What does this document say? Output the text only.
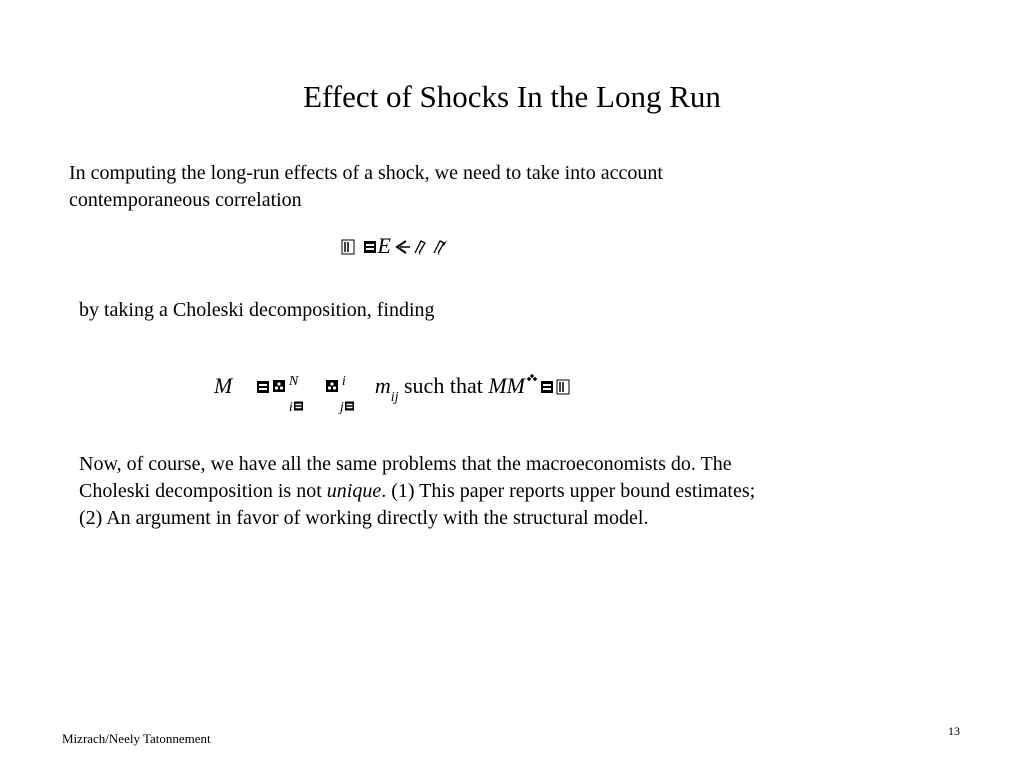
Effect of Shocks In the Long Run
In computing the long-run effects of a shock, we need to take into account
contemporaneous correlation
E	t t
by taking a Choleski decomposition, finding
M	N
i

i
j
$m_{ij}$ such that MM
Now, of course, we have all the same problems that the macroeconomists do. The
Choleski decomposition is not unique. (1) This paper reports upper bound estimates;
(2) An argument in favor of working directly with the structural model.
Mizrach/Neely Tatonnement	13
